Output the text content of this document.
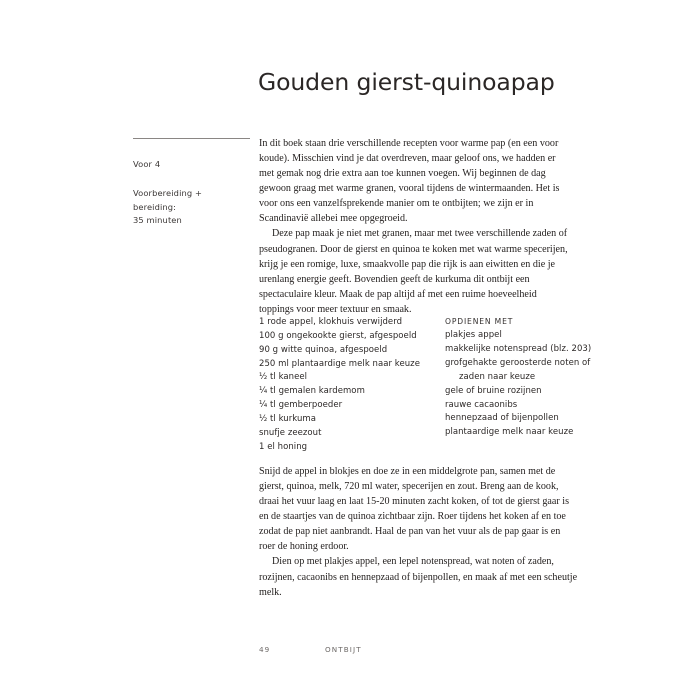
Gouden gierst-quinoapap
Voor 4
Voorbereiding +
bereiding:
35 minuten

In dit boek staan drie verschillende recepten voor warme pap (en een voor koude). Misschien vind je dat overdreven, maar geloof ons, we hadden er met gemak nog drie extra aan toe kunnen voegen. Wij beginnen de dag gewoon graag met warme granen, vooral tijdens de wintermaanden. Het is voor ons een vanzelfsprekende manier om te ontbijten; we zijn er in Scandinavië allebei mee opgegroeid.

Deze pap maak je niet met granen, maar met twee verschillende zaden of pseudogranen. Door de gierst en quinoa te koken met wat warme specerijen, krijg je een romige, luxe, smaakvolle pap die rijk is aan eiwitten en die je urenlang energie geeft. Bovendien geeft de kurkuma dit ontbijt een spectaculaire kleur. Maak de pap altijd af met een ruime hoeveelheid toppings voor meer textuur en smaak.

1 rode appel, klokhuis verwijderd
100 g ongekookte gierst, afgespoeld
90 g witte quinoa, afgespoeld
250 ml plantaardige melk naar keuze
½ tl kaneel
¼ tl gemalen kardemom
¼ tl gemberpoeder
½ tl kurkuma
snufje zeezout
1 el honing
OPDIENEN MET
plakjes appel
makkelijke notenspread (blz. 203)
grofgehakte geroosterde noten of
zaden naar keuze
gele of bruine rozijnen
rauwe cacaonibs
hennepzaad of bijenpollen
plantaardige melk naar keuze

Snijd de appel in blokjes en doe ze in een middelgrote pan, samen met de gierst, quinoa, melk, 720 ml water, specerijen en zout. Breng aan de kook, draai het vuur laag en laat 15-20 minuten zacht koken, of tot de gierst gaar is en de staartjes van de quinoa zichtbaar zijn. Roer tijdens het koken af en toe zodat de pap niet aanbrandt. Haal de pan van het vuur als de pap gaar is en roer de honing erdoor.

Dien op met plakjes appel, een lepel notenspread, wat noten of zaden, rozijnen, cacaonibs en hennepzaad of bijenpollen, en maak af met een scheutje melk.

49	ONTBIJT
